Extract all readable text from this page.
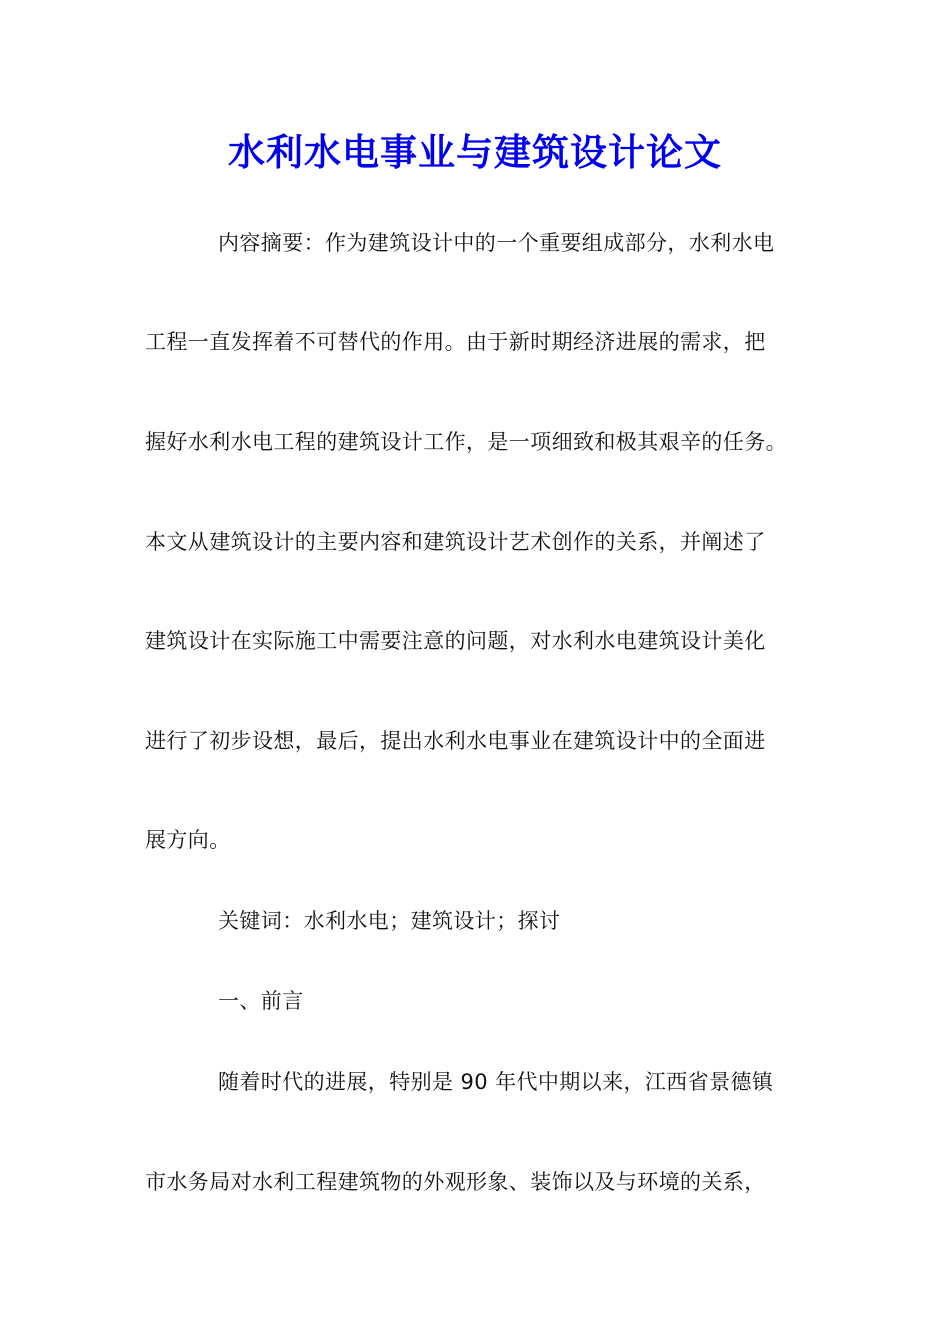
水利水电事业与建筑设计论文

内容摘要：作为建筑设计中的一个重要组成部分，水利水电

工程一直发挥着不可替代的作用。由于新时期经济进展的需求，把

握好水利水电工程的建筑设计工作，是一项细致和极其艰辛的任务。

本文从建筑设计的主要内容和建筑设计艺术创作的关系，并阐述了

建筑设计在实际施工中需要注意的问题，对水利水电建筑设计美化

进行了初步设想，最后，提出水利水电事业在建筑设计中的全面进

展方向。

关键词：水利水电；建筑设计；探讨

一、前言

随着时代的进展，特别是 90 年代中期以来，江西省景德镇

市水务局对水利工程建筑物的外观形象、装饰以及与环境的关系，
